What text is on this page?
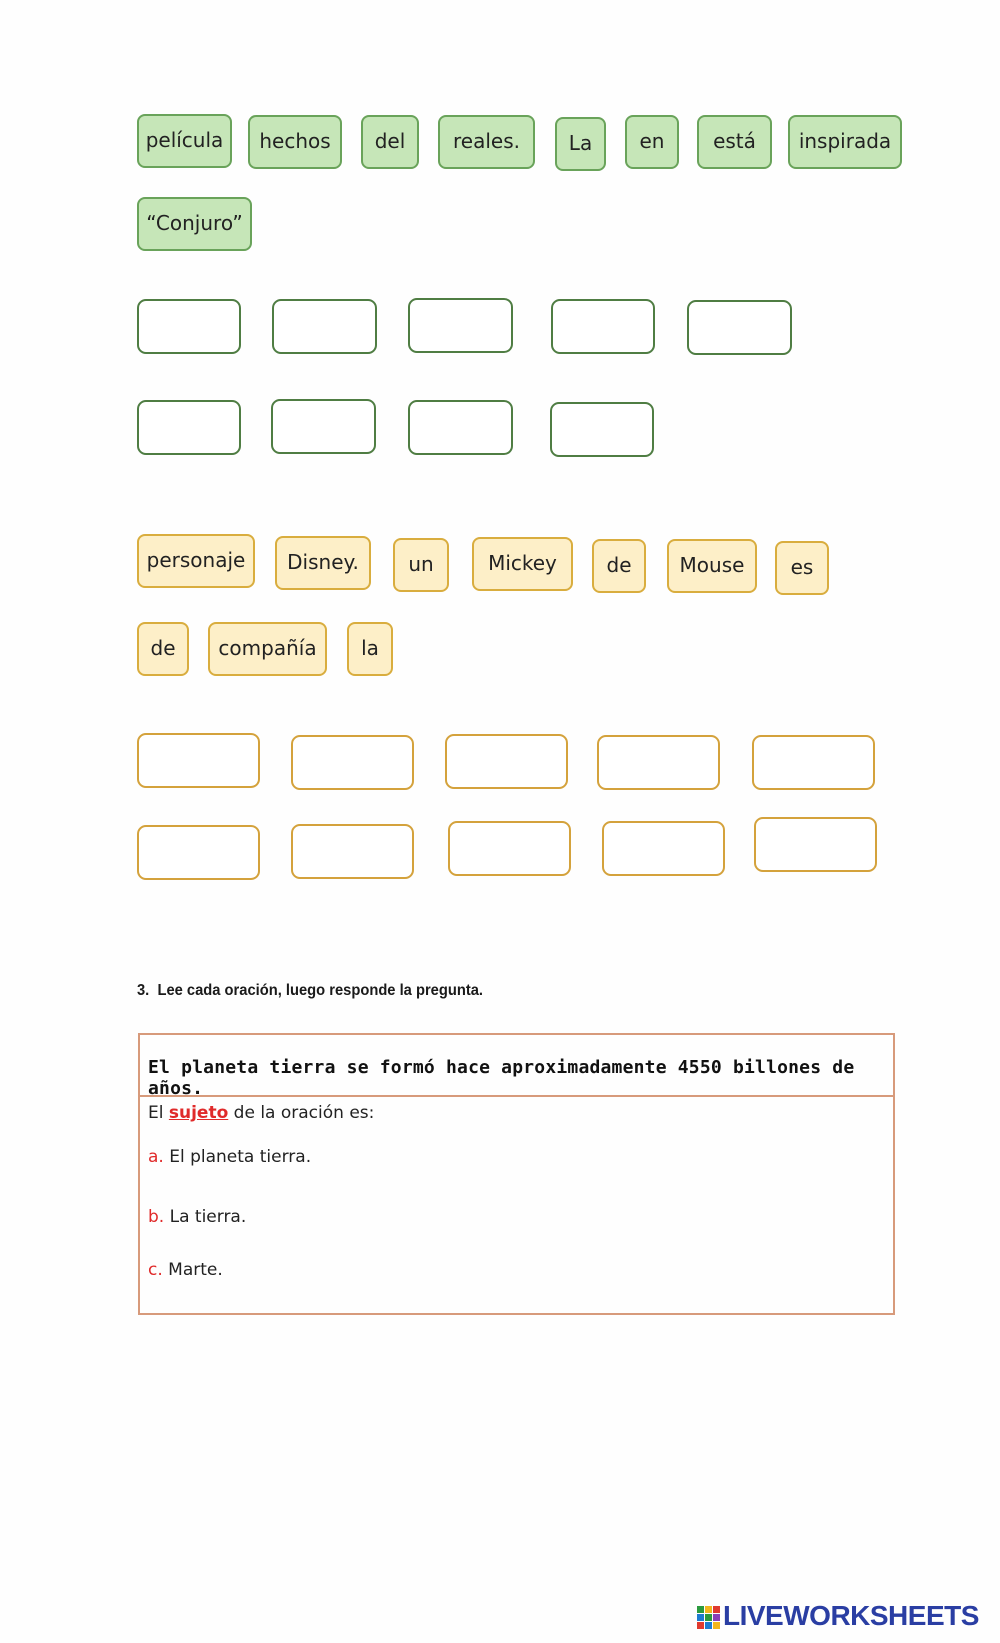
película	hechos	del	reales.	La	en	está	inspirada
“Conjuro”
personaje	Disney.	un	Mickey	de	Mouse	es
de	compañía	la
3. Lee cada oración, luego responde la pregunta.
El planeta tierra se formó hace aproximadamente 4550 billones de años.
El sujeto de la oración es:
a. El planeta tierra.
b. La tierra.
c. Marte.
LIVEWORKSHEETS
